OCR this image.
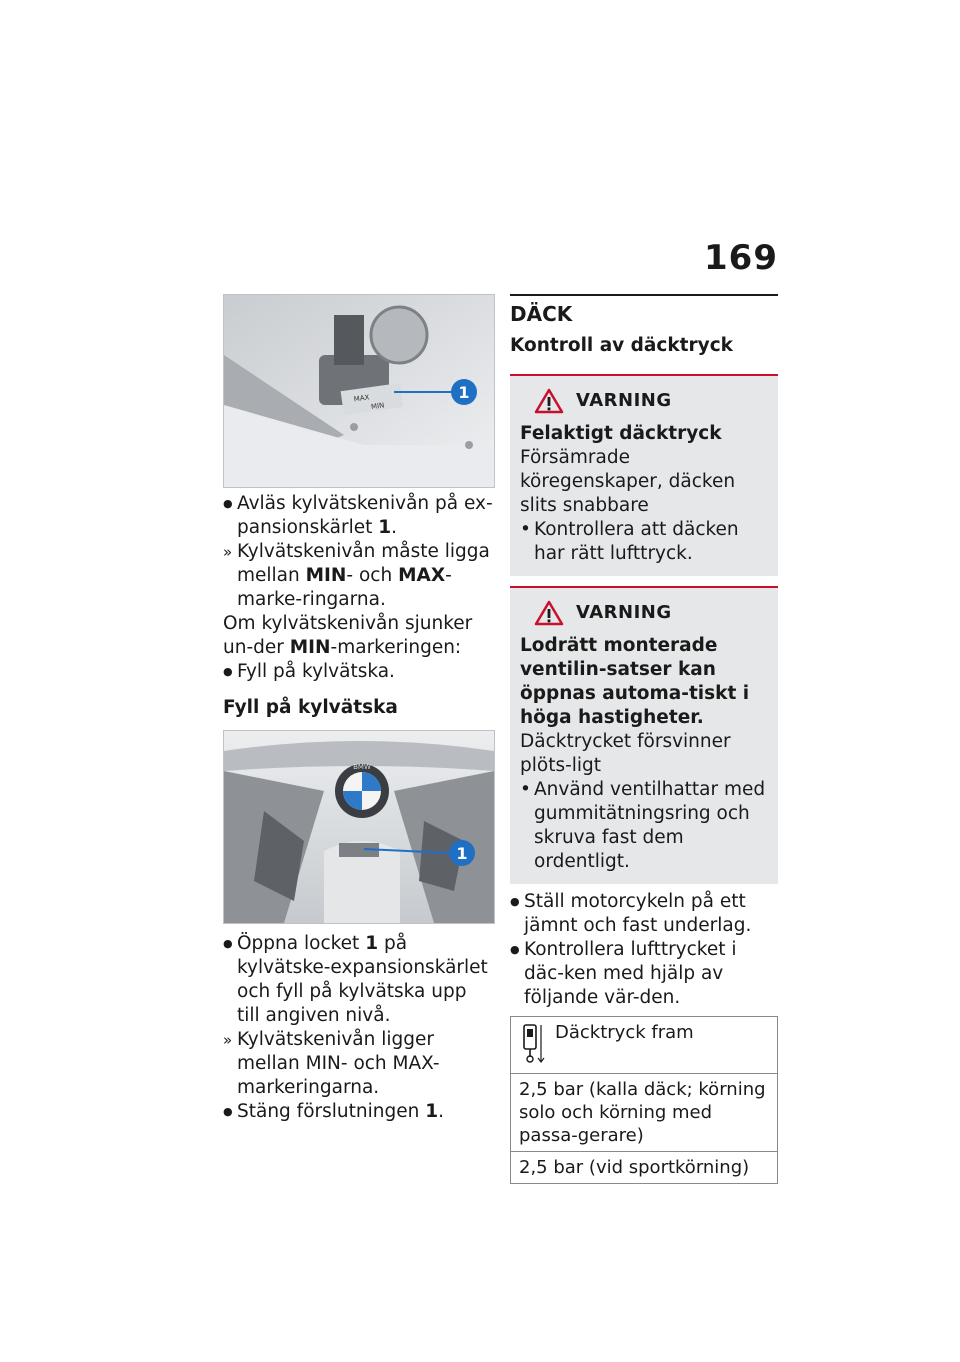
169
MAX
MIN
1

● Avläs kylvätskenivån på ex-pansionskärlet 1.

» Kylvätskenivån måste ligga mellan MIN- och MAX-marke-ringarna.

Om kylvätskenivån sjunker un-der MIN-markeringen:

● Fyll på kylvätska.

Fyll på kylvätska
BMW
1

● Öppna locket 1 på kylvätske-expansionskärlet och fyll på kylvätska upp till angiven nivå.

» Kylvätskenivån ligger mellan MIN- och MAX-markeringarna.

● Stäng förslutningen 1.

DÄCK
Kontroll av däcktryck
VARNING
Felaktigt däcktryck
Försämrade köregenskaper, däcken slits snabbare

• Kontrollera att däcken har rätt lufttryck.

VARNING
Lodrätt monterade ventilin-satser kan öppnas automa-tiskt i höga hastigheter.
Däcktrycket försvinner plöts-ligt

• Använd ventilhattar med gummitätningsring och skruva fast dem ordentligt.

● Ställ motorcykeln på ett jämnt och fast underlag.

● Kontrollera lufttrycket i däc-ken med hjälp av följande vär-den.

Däcktryck fram

2,5 bar (kalla däck; körning solo och körning med passa-gerare)
2,5 bar (vid sportkörning)
